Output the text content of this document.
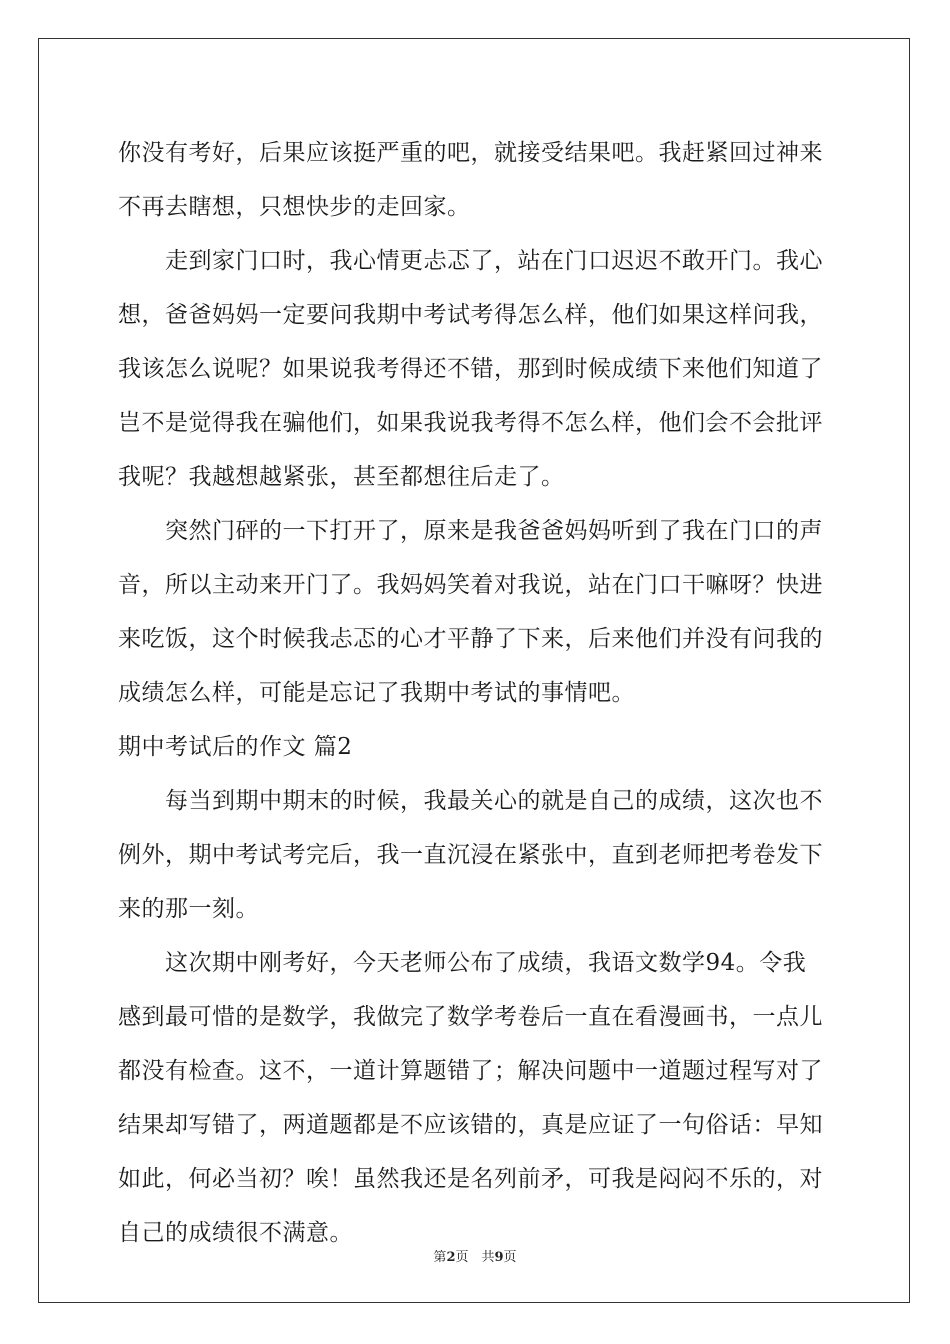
你没有考好，后果应该挺严重的吧，就接受结果吧。我赶紧回过神来
不再去瞎想，只想快步的走回家。
　　走到家门口时，我心情更忐忑了，站在门口迟迟不敢开门。我心
想，爸爸妈妈一定要问我期中考试考得怎么样，他们如果这样问我，
我该怎么说呢？如果说我考得还不错，那到时候成绩下来他们知道了
岂不是觉得我在骗他们，如果我说我考得不怎么样，他们会不会批评
我呢？我越想越紧张，甚至都想往后走了。
　　突然门砰的一下打开了，原来是我爸爸妈妈听到了我在门口的声
音，所以主动来开门了。我妈妈笑着对我说，站在门口干嘛呀？快进
来吃饭，这个时候我忐忑的心才平静了下来，后来他们并没有问我的
成绩怎么样，可能是忘记了我期中考试的事情吧。
期中考试后的作文 篇2
　　每当到期中期末的时候，我最关心的就是自己的成绩，这次也不
例外，期中考试考完后，我一直沉浸在紧张中，直到老师把考卷发下
来的那一刻。
　　这次期中刚考好，今天老师公布了成绩，我语文数学94。令我
感到最可惜的是数学，我做完了数学考卷后一直在看漫画书，一点儿
都没有检查。这不，一道计算题错了；解决问题中一道题过程写对了
结果却写错了，两道题都是不应该错的，真是应证了一句俗话：早知
如此，何必当初？唉！虽然我还是名列前矛，可我是闷闷不乐的，对
自己的成绩很不满意。
第2页　共9页
